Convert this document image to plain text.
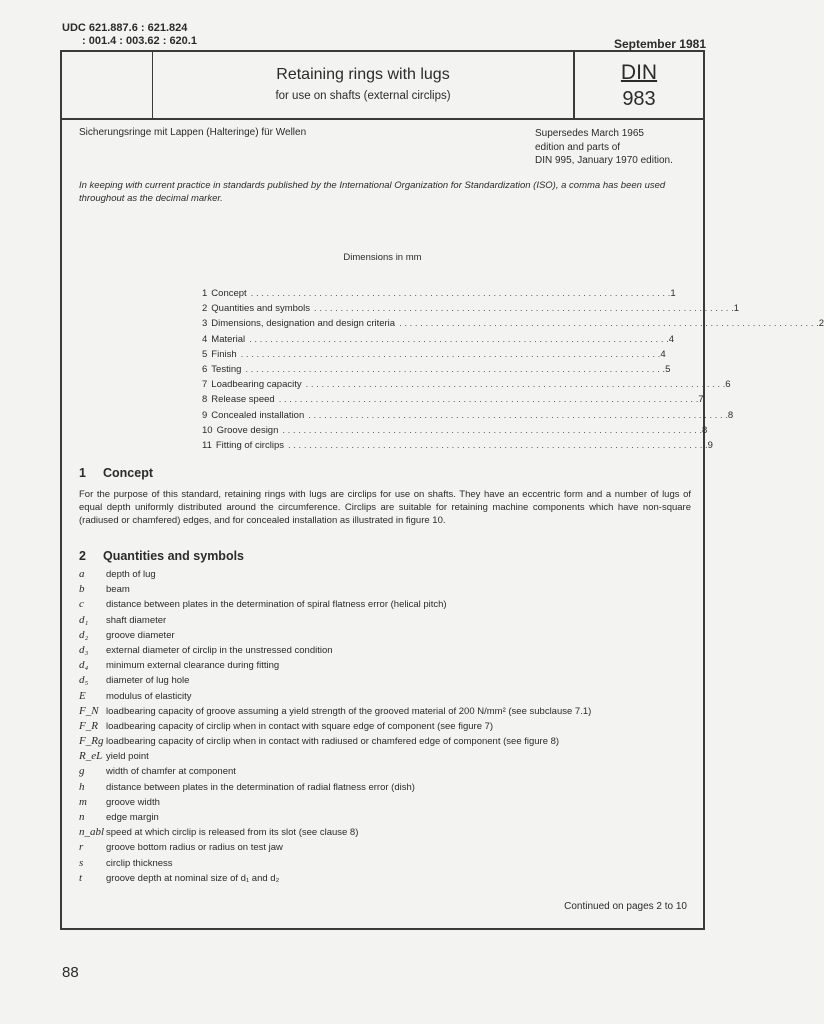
UDC 621.887.6 : 621.824
: 001.4 : 003.62 : 620.1	September 1981
Retaining rings with lugs
for use on shafts (external circlips)
DIN
983
Sicherungsringe mit Lappen (Halteringe) für Wellen	Supersedes March 1965
edition and parts of
DIN 995, January 1970 edition.
In keeping with current practice in standards published by the International Organization for Standardization (ISO), a comma has been used throughout as the decimal marker.
Dimensions in mm
1 Concept . . . . . . . . . . . . . . . . . . . . . . . . . . . . . . . . . . . . . . . . . . . . . . . . . . . . . . . . . . . . . . . . . . . . . . . . . . . . . . . . 1
2 Quantities and symbols . . . . . . . . . . . . . . . . . . . . . . . . . . . . . . . . . . . . . . . . . . . . . . . . . . . . . . . . . . . . . . . . . . . . . . . . . . . . . . . . 1
3 Dimensions, designation and design criteria . . . . . . . . . . . . . . . . . . . . . . . . . . . . . . . . . . . . . . . . . . . . . . . . . . . . . . . . . . . . . . . . . . . . . . . . . . . . . . . . 2
4 Material . . . . . . . . . . . . . . . . . . . . . . . . . . . . . . . . . . . . . . . . . . . . . . . . . . . . . . . . . . . . . . . . . . . . . . . . . . . . . . . . 4
5 Finish . . . . . . . . . . . . . . . . . . . . . . . . . . . . . . . . . . . . . . . . . . . . . . . . . . . . . . . . . . . . . . . . . . . . . . . . . . . . . . . . 4
6 Testing . . . . . . . . . . . . . . . . . . . . . . . . . . . . . . . . . . . . . . . . . . . . . . . . . . . . . . . . . . . . . . . . . . . . . . . . . . . . . . . . 5
7 Loadbearing capacity . . . . . . . . . . . . . . . . . . . . . . . . . . . . . . . . . . . . . . . . . . . . . . . . . . . . . . . . . . . . . . . . . . . . . . . . . . . . . . . . 6
8 Release speed . . . . . . . . . . . . . . . . . . . . . . . . . . . . . . . . . . . . . . . . . . . . . . . . . . . . . . . . . . . . . . . . . . . . . . . . . . . . . . . . 7
9 Concealed installation . . . . . . . . . . . . . . . . . . . . . . . . . . . . . . . . . . . . . . . . . . . . . . . . . . . . . . . . . . . . . . . . . . . . . . . . . . . . . . . . 8
10 Groove design . . . . . . . . . . . . . . . . . . . . . . . . . . . . . . . . . . . . . . . . . . . . . . . . . . . . . . . . . . . . . . . . . . . . . . . . . . . . . . . . 8
11 Fitting of circlips . . . . . . . . . . . . . . . . . . . . . . . . . . . . . . . . . . . . . . . . . . . . . . . . . . . . . . . . . . . . . . . . . . . . . . . . . . . . . . . . 9
1 Concept
For the purpose of this standard, retaining rings with lugs are circlips for use on shafts. They have an eccentric form and a number of lugs of equal depth uniformly distributed around the circumference. Circlips are suitable for retaining machine components which have non-square (radiused or chamfered) edges, and for concealed installation as illustrated in figure 10.
2 Quantities and symbols
a	depth of lug
b	beam
c	distance between plates in the determination of spiral flatness error (helical pitch)
d₁	shaft diameter
d₂	groove diameter
d₃	external diameter of circlip in the unstressed condition
d₄	minimum external clearance during fitting
d₅	diameter of lug hole
E	modulus of elasticity
F_N loadbearing capacity of groove assuming a yield strength of the grooved material of 200 N/mm² (see subclause 7.1)
F_R loadbearing capacity of circlip when in contact with square edge of component (see figure 7)
F_Rg loadbearing capacity of circlip when in contact with radiused or chamfered edge of component (see figure 8)
R_eL yield point
g	width of chamfer at component
h	distance between plates in the determination of radial flatness error (dish)
m	groove width
n	edge margin
n_abl speed at which circlip is released from its slot (see clause 8)
r	groove bottom radius or radius on test jaw
s	circlip thickness
t	groove depth at nominal size of d₁ and d₂
Continued on pages 2 to 10
88
